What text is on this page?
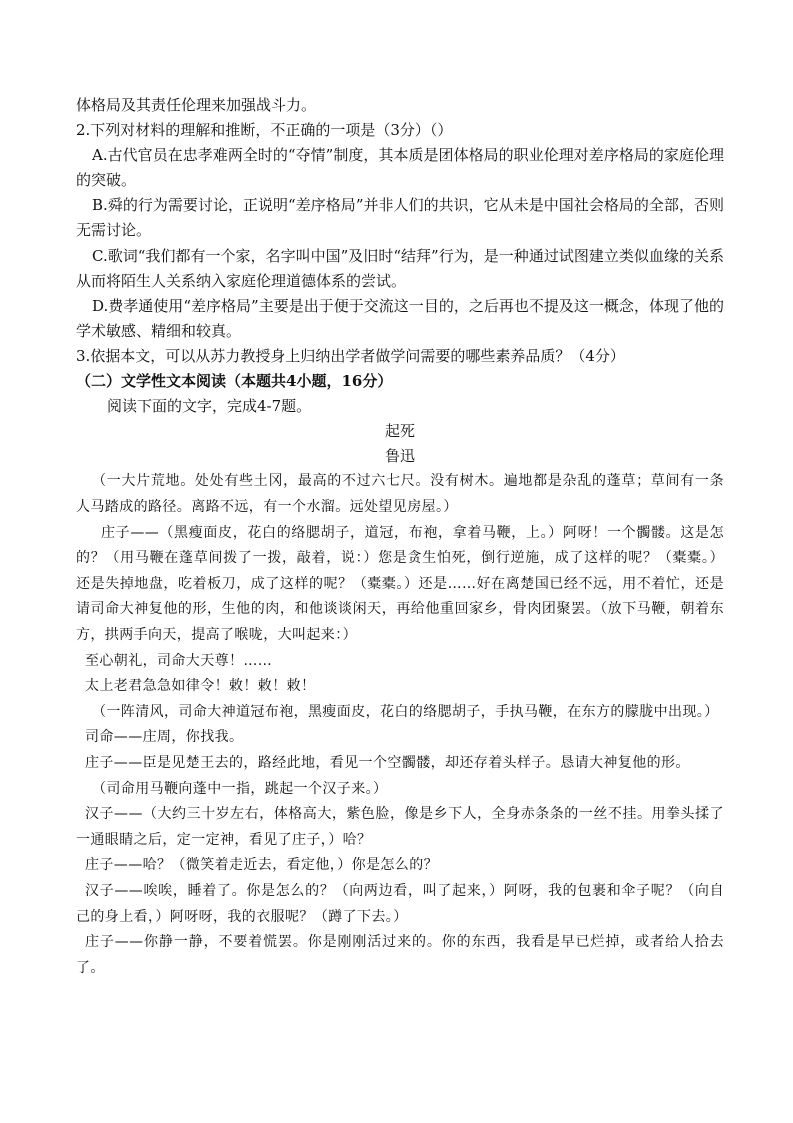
体格局及其责任伦理来加强战斗力。

2.下列对材料的理解和推断，不正确的一项是（3分）（）

A.古代官员在忠孝难两全时的“夺情”制度，其本质是团体格局的职业伦理对差序格局的家庭伦理的突破。

B.舜的行为需要讨论，正说明“差序格局”并非人们的共识，它从未是中国社会格局的全部，否则无需讨论。

C.歌词“我们都有一个家，名字叫中国”及旧时“结拜”行为，是一种通过试图建立类似血缘的关系从而将陌生人关系纳入家庭伦理道德体系的尝试。

D.费孝通使用“差序格局”主要是出于便于交流这一目的，之后再也不提及这一概念，体现了他的学术敏感、精细和较真。

3.依据本文，可以从苏力教授身上归纳出学者做学问需要的哪些素养品质？（4分）

（二）文学性文本阅读（本题共4小题，16分）

阅读下面的文字，完成4-7题。

起死

鲁迅

（一大片荒地。处处有些土冈，最高的不过六七尺。没有树木。遍地都是杂乱的蓬草；草间有一条人马踏成的路径。离路不远，有一个水溜。远处望见房屋。）

庄子——（黑瘦面皮，花白的络腮胡子，道冠，布袍，拿着马鞭，上。）阿呀！一个髑髅。这是怎的？（用马鞭在蓬草间拨了一拨，敲着，说：）您是贪生怕死，倒行逆施，成了这样的呢？（橐橐。）还是失掉地盘，吃着板刀，成了这样的呢？（橐橐。）还是……好在离楚国已经不远，用不着忙，还是请司命大神复他的形，生他的肉，和他谈谈闲天，再给他重回家乡，骨肉团聚罢。（放下马鞭，朝着东方，拱两手向天，提高了喉咙，大叫起来：）

至心朝礼，司命大天尊！……

太上老君急急如律令！敕！敕！敕！

（一阵清风，司命大神道冠布袍，黑瘦面皮，花白的络腮胡子，手执马鞭，在东方的朦胧中出现。）

司命——庄周，你找我。

庄子——臣是见楚王去的，路经此地，看见一个空髑髅，却还存着头样子。恳请大神复他的形。

（司命用马鞭向蓬中一指，跳起一个汉子来。）

汉子——（大约三十岁左右，体格高大，紫色脸，像是乡下人，全身赤条条的一丝不挂。用拳头揉了一通眼睛之后，定一定神，看见了庄子，）哈？

庄子——哈？（微笑着走近去，看定他，）你是怎么的？

汉子——唉唉，睡着了。你是怎么的？（向两边看，叫了起来，）阿呀，我的包裹和伞子呢？（向自己的身上看，）阿呀呀，我的衣服呢？（蹲了下去。）

庄子——你静一静，不要着慌罢。你是刚刚活过来的。你的东西，我看是早已烂掉，或者给人拾去了。
